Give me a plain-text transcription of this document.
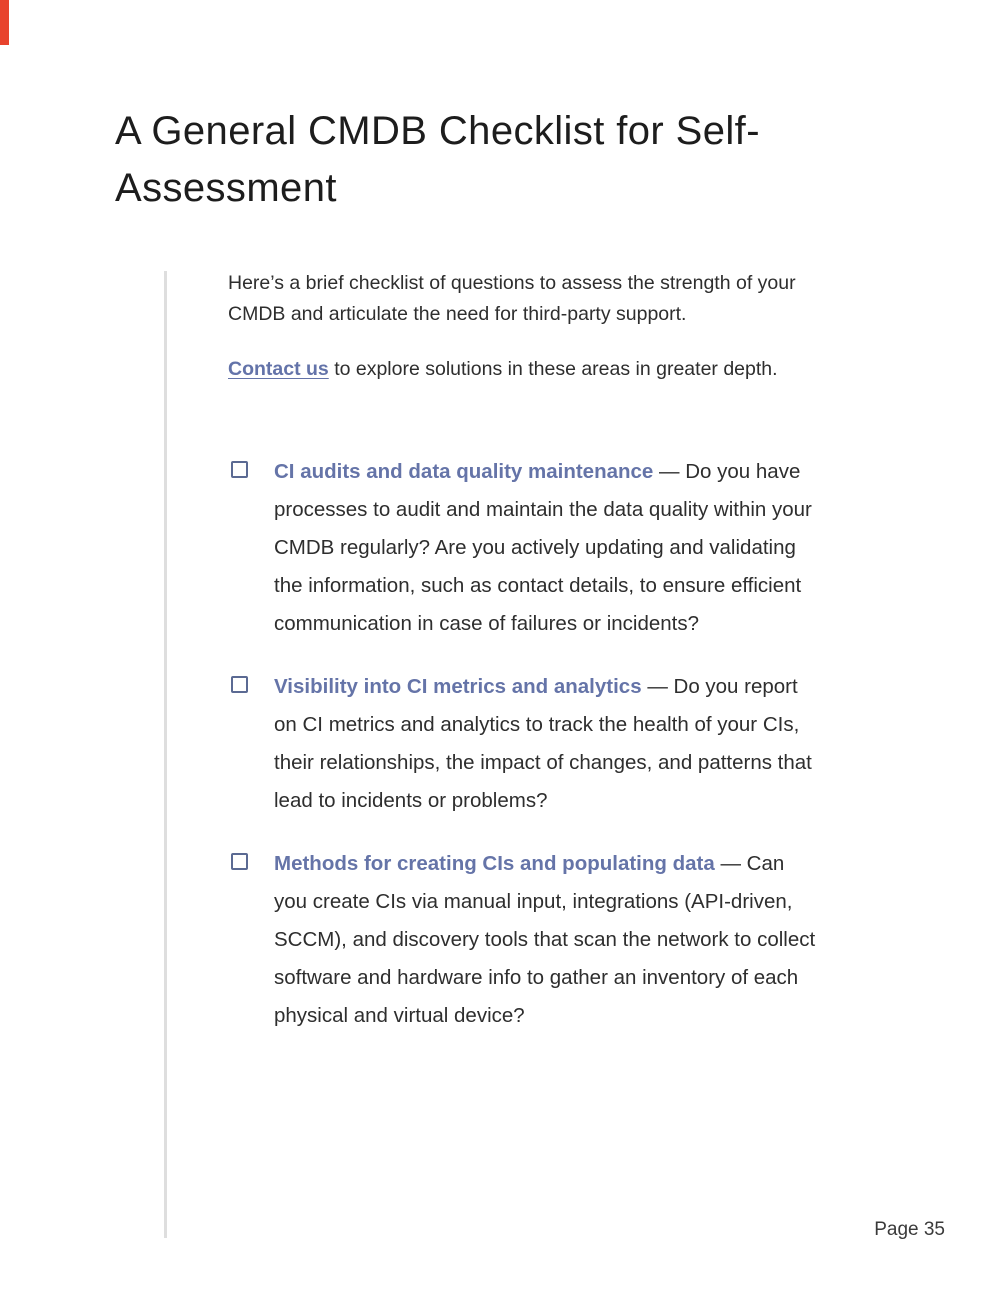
A General CMDB Checklist for Self-
Assessment

Here’s a brief checklist of questions to assess the strength of your CMDB and articulate the need for third-party support.

Contact us to explore solutions in these areas in greater depth.

CI audits and data quality maintenance — Do you have processes to audit and maintain the data quality within your CMDB regularly? Are you actively updating and validating the information, such as contact details, to ensure efficient communication in case of failures or incidents?
Visibility into CI metrics and analytics — Do you report on CI metrics and analytics to track the health of your CIs, their relationships, the impact of changes, and patterns that lead to incidents or problems?
Methods for creating CIs and populating data — Can you create CIs via manual input, integrations (API-driven, SCCM), and discovery tools that scan the network to collect software and hardware info to gather an inventory of each physical and virtual device?
Page 35
